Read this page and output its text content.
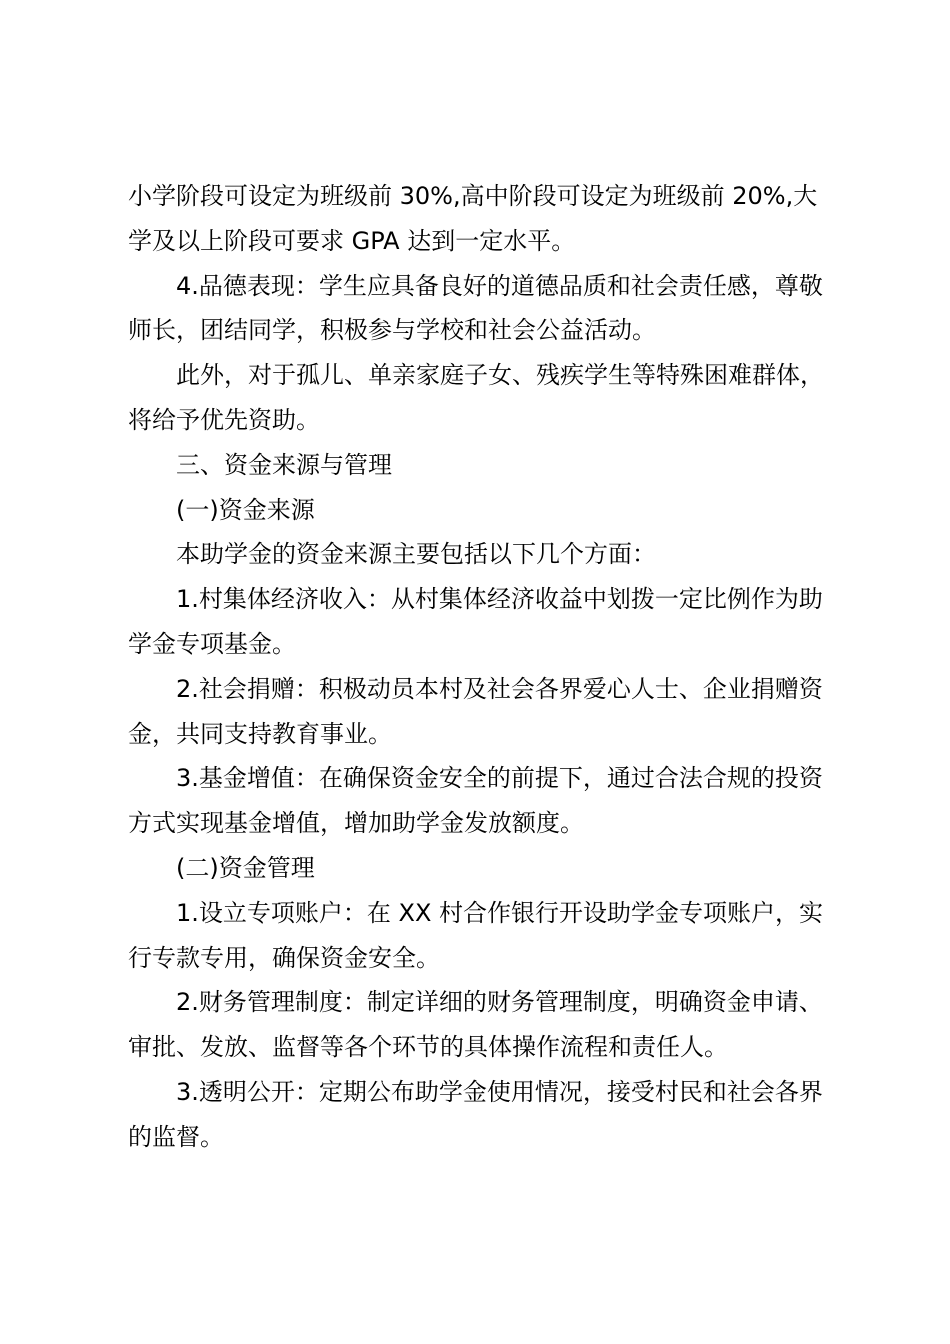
小学阶段可设定为班级前 30%,高中阶段可设定为班级前 20%,大学及以上阶段可要求 GPA 达到一定水平。

4.品德表现：学生应具备良好的道德品质和社会责任感，尊敬师长，团结同学，积极参与学校和社会公益活动。

此外，对于孤儿、单亲家庭子女、残疾学生等特殊困难群体，将给予优先资助。

三、资金来源与管理

(一)资金来源

本助学金的资金来源主要包括以下几个方面：

1.村集体经济收入：从村集体经济收益中划拨一定比例作为助学金专项基金。

2.社会捐赠：积极动员本村及社会各界爱心人士、企业捐赠资金，共同支持教育事业。

3.基金增值：在确保资金安全的前提下，通过合法合规的投资方式实现基金增值，增加助学金发放额度。

(二)资金管理

1.设立专项账户：在 XX 村合作银行开设助学金专项账户，实行专款专用，确保资金安全。

2.财务管理制度：制定详细的财务管理制度，明确资金申请、审批、发放、监督等各个环节的具体操作流程和责任人。

3.透明公开：定期公布助学金使用情况，接受村民和社会各界的监督。
